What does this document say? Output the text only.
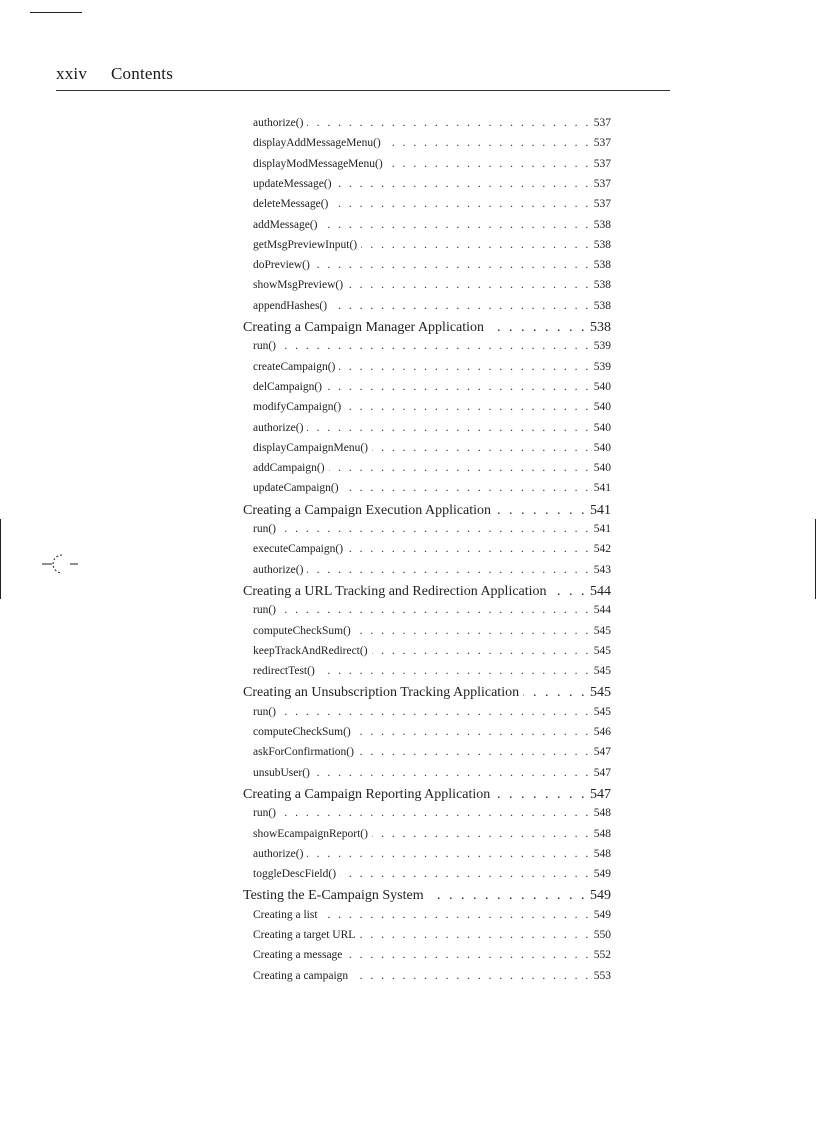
xxiv Contents
authorize() . . .	537
displayAddMessageMenu() . . .	537
displayModMessageMenu() . . .	537
updateMessage() . . .	537
deleteMessage() . . .	537
addMessage() . . .	538
getMsgPreviewInput() . . .	538
doPreview() . . .	538
showMsgPreview() . . .	538
appendHashes() . . .	538
Creating a Campaign Manager Application . . .	538
run() . . .	539
createCampaign() . . .	539
delCampaign() . . .	540
modifyCampaign() . . .	540
authorize() . . .	540
displayCampaignMenu() . . .	540
addCampaign() . . .	540
updateCampaign() . . .	541
Creating a Campaign Execution Application . . .	541
run() . . .	541
executeCampaign() . . .	542
authorize() . . .	543
Creating a URL Tracking and Redirection Application . . .	544
run() . . .	544
computeCheckSum() . . .	545
keepTrackAndRedirect() . . .	545
redirectTest() . . .	545
Creating an Unsubscription Tracking Application . . .	545
run() . . .	545
computeCheckSum() . . .	546
askForConfirmation() . . .	547
unsubUser() . . .	547
Creating a Campaign Reporting Application . . .	547
run() . . .	548
showEcampaignReport() . . .	548
authorize() . . .	548
toggleDescField() . . .	549
Testing the E-Campaign System . . .	549
Creating a list . . .	549
Creating a target URL . . .	550
Creating a message . . .	552
Creating a campaign . . .	553
